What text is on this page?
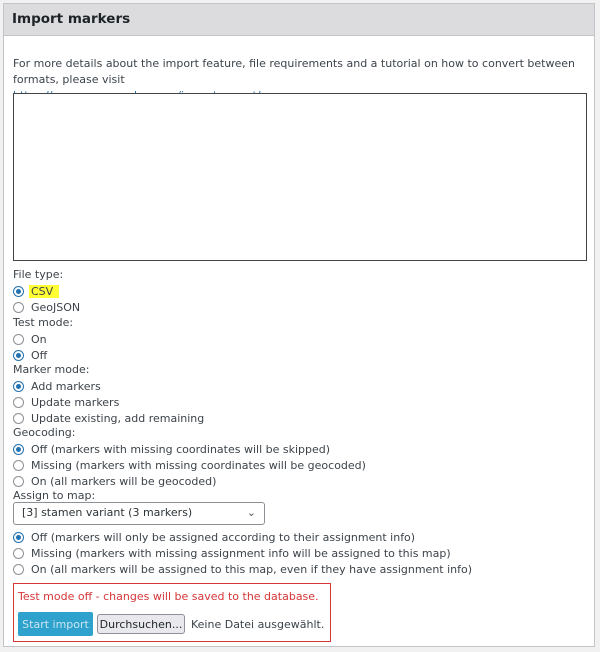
Import markers
For more details about the import feature, file requirements and a tutorial on how to convert between formats, please visit

File type:
CSV
GeoJSON
Test mode:
On
Off
Marker mode:
Add markers
Update markers
Update existing, add remaining
Geocoding:
Off (markers with missing coordinates will be skipped)
Missing (markers with missing coordinates will be geocoded)
On (all markers will be geocoded)
Assign to map:
[3] stamen variant (3 markers)	⌄
Off (markers will only be assigned according to their assignment info)
Missing (markers with missing assignment info will be assigned to this map)
On (all markers will be assigned to this map, even if they have assignment info)
Test mode off - changes will be saved to the database.
Start import Durchsuchen... Keine Datei ausgewählt.
